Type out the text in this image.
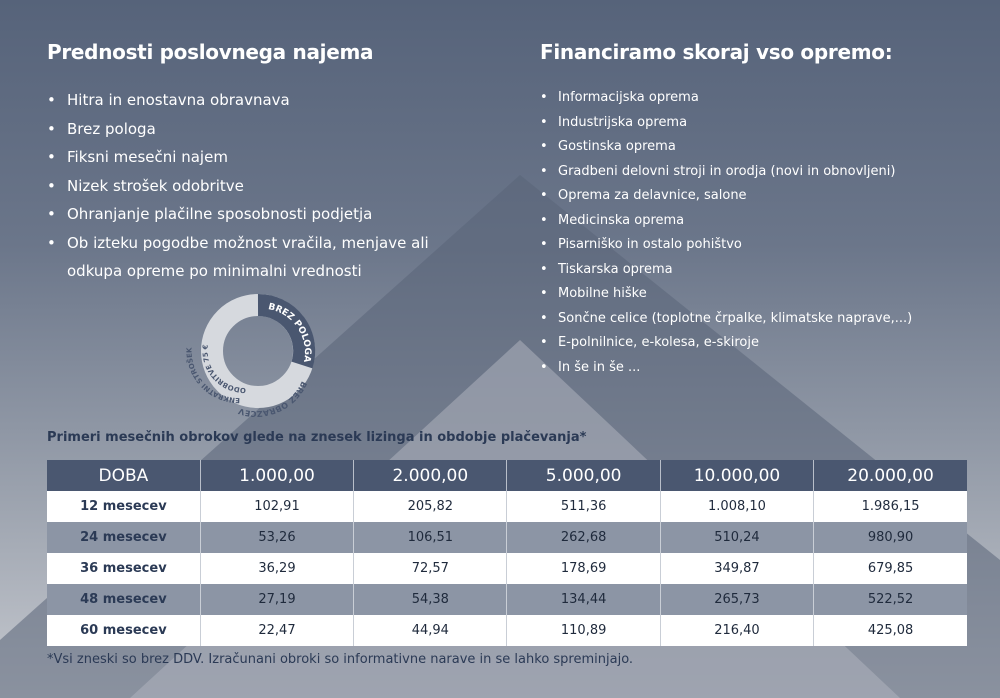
Prednosti poslovnega najema
• Hitra in enostavna obravnava
• Brez pologa
• Fiksni mesečni najem
• Nizek strošek odobritve
• Ohranjanje plačilne sposobnosti podjetja
• Ob izteku pogodbe možnost vračila, menjave ali
odkupa opreme po minimalni vrednosti
BREZ POLOGA
BREZ OBRAZCEV
ENKRATNI STROŠEK
ODOBRITVE 75 €
Financiramo skoraj vso opremo:
• Informacijska oprema
• Industrijska oprema
• Gostinska oprema
• Gradbeni delovni stroji in orodja (novi in obnovljeni)
• Oprema za delavnice, salone
• Medicinska oprema
• Pisarniško in ostalo pohištvo
• Tiskarska oprema
• Mobilne hiške
• Sončne celice (toplotne črpalke, klimatske naprave,...)
• E-polnilnice, e-kolesa, e-skiroje
• In še in še ...
Primeri mesečnih obrokov glede na znesek lizinga in obdobje plačevanja*
DOBA	1.000,00	2.000,00	5.000,00	10.000,00	20.000,00
12 mesecev	102,91	205,82	511,36	1.008,10	1.986,15
24 mesecev	53,26	106,51	262,68	510,24	980,90
36 mesecev	36,29	72,57	178,69	349,87	679,85
48 mesecev	27,19	54,38	134,44	265,73	522,52
60 mesecev	22,47	44,94	110,89	216,40	425,08
*Vsi zneski so brez DDV. Izračunani obroki so informativne narave in se lahko spreminjajo.
